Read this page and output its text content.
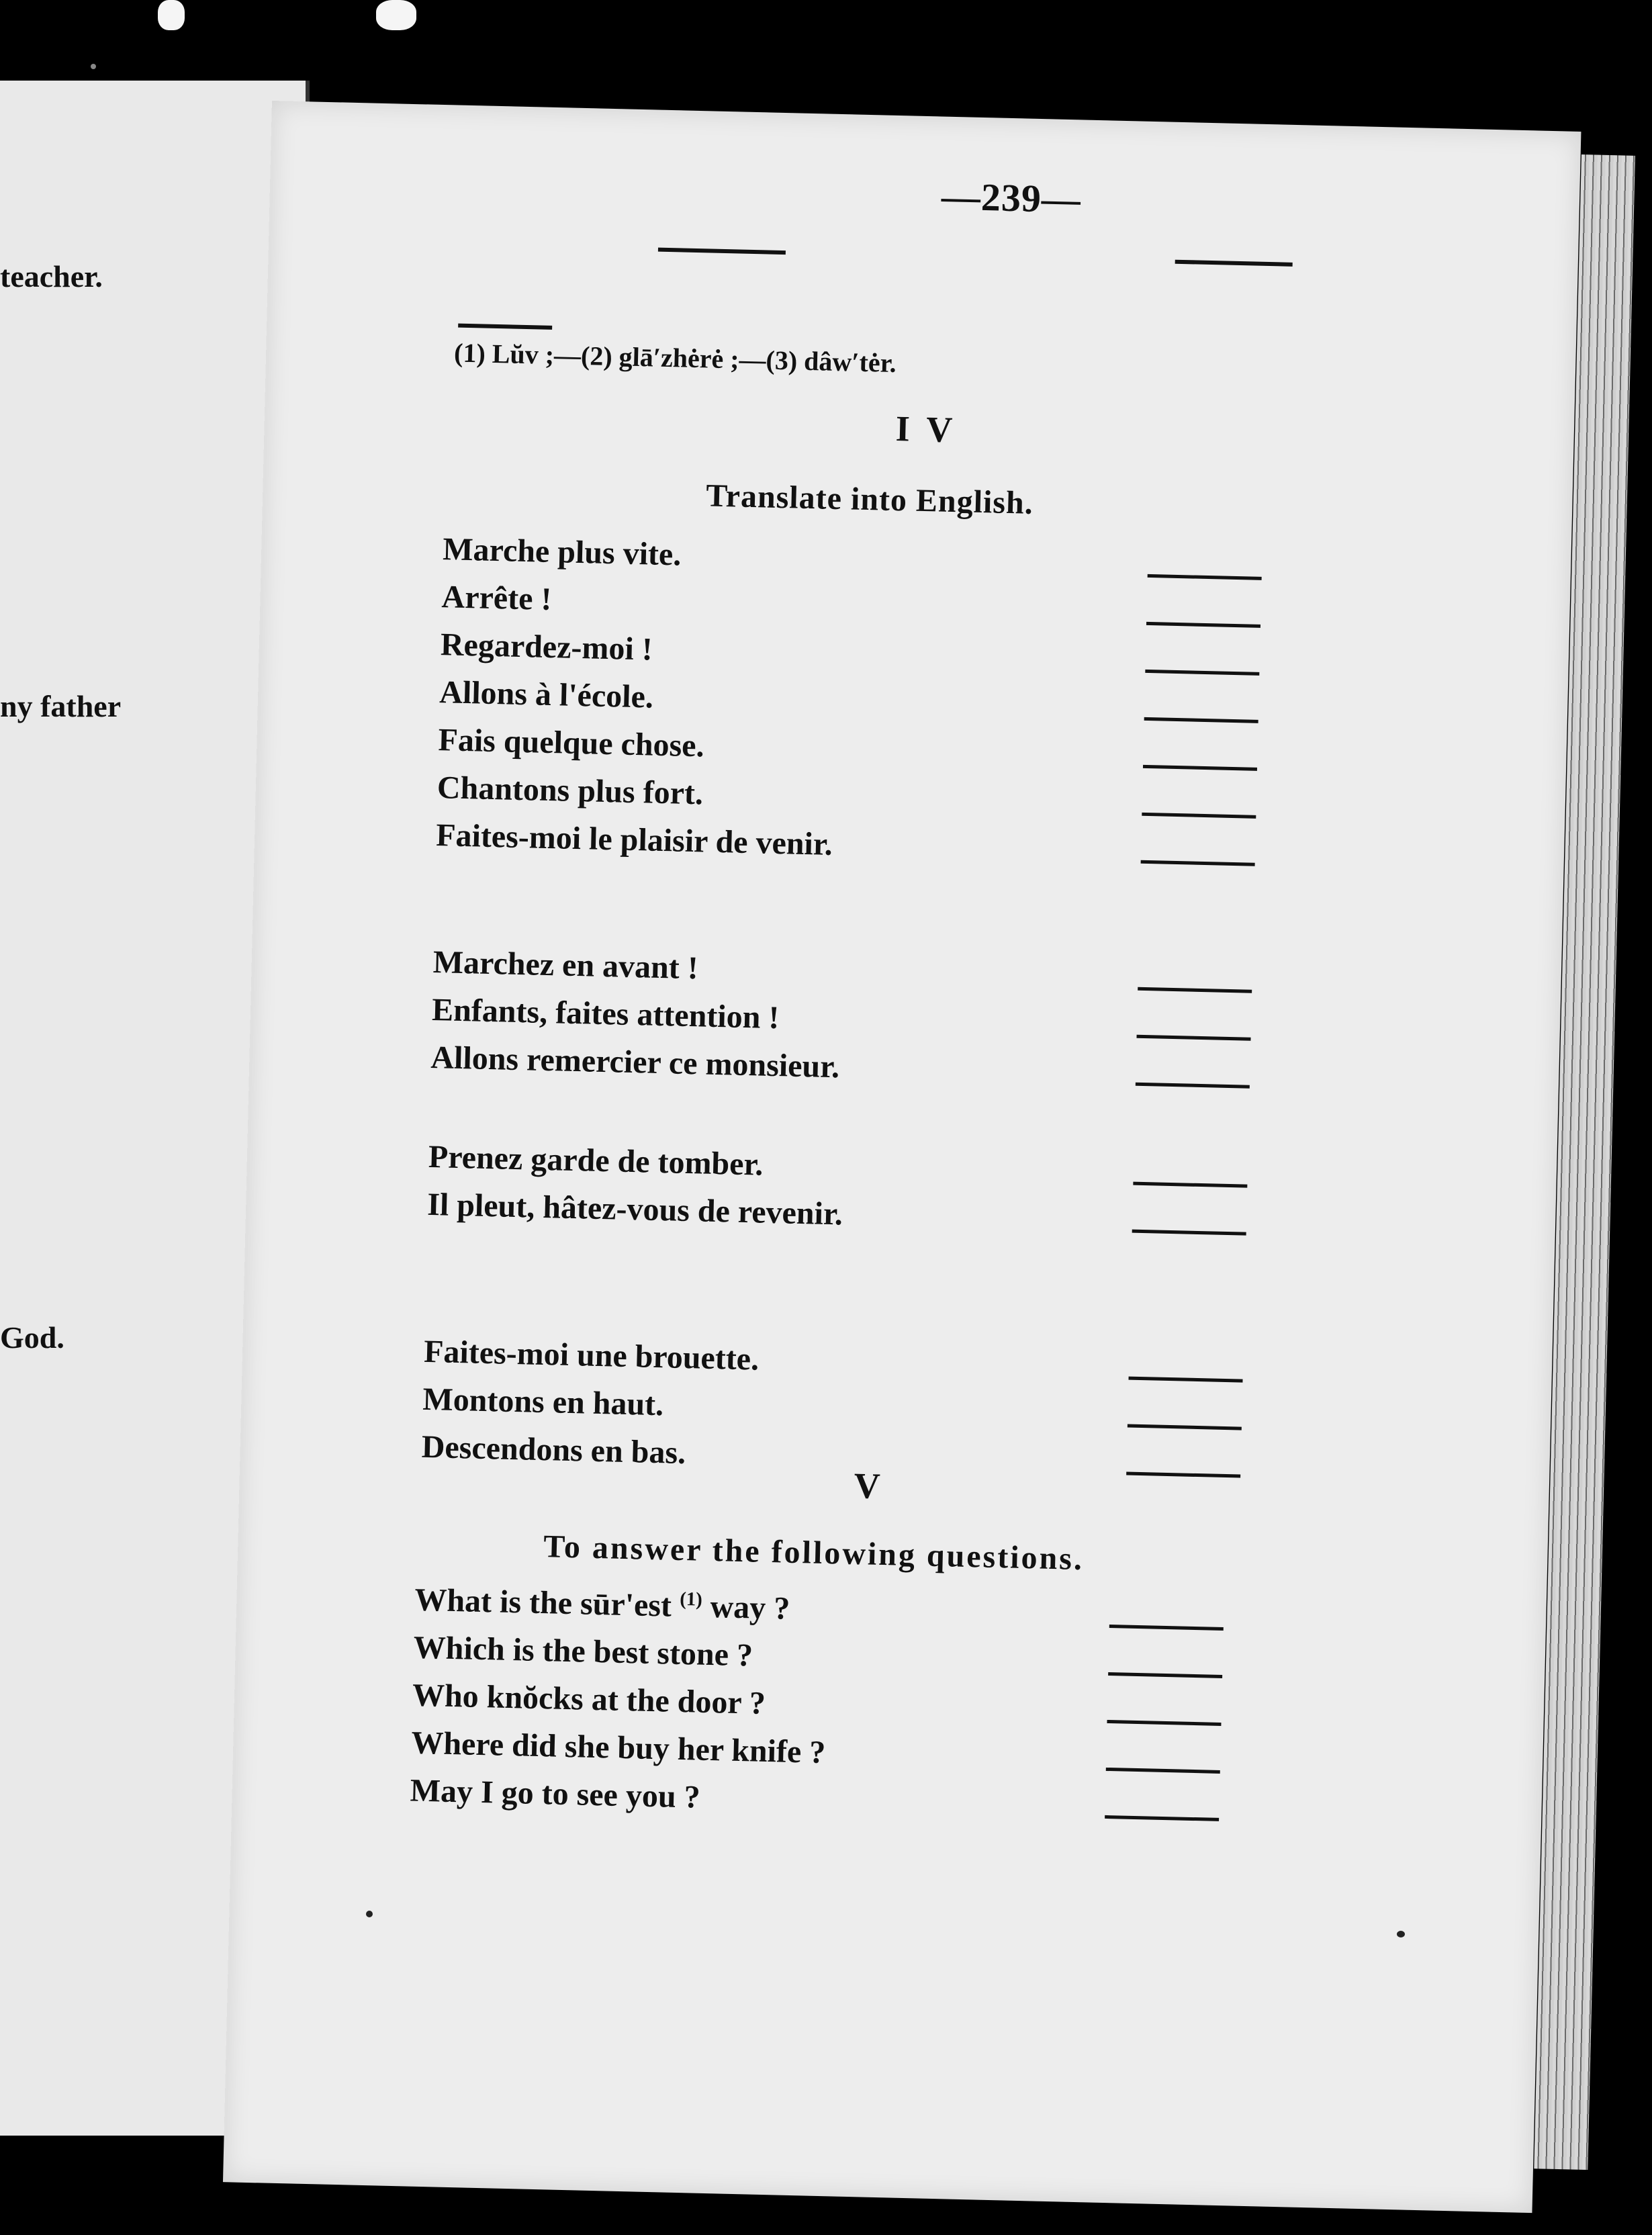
teacher.
ny father
God.
—239—
(1) Lŭv ;—(2) glā′zhėrė ;—(3) dâw′tėr.
I V
Translate into English.
Marche plus vite.
Arrête !
Regardez-moi !
Allons à l'école.
Fais quelque chose.
Chantons plus fort.
Faites-moi le plaisir de venir.
Marchez en avant !
Enfants, faites attention !
Allons remercier ce monsieur.
Prenez garde de tomber.
Il pleut, hâtez-vous de revenir.
Faites-moi une brouette.
Montons en haut.
Descendons en bas.
V
To answer the following questions.
What is the sūr'est $^{(1)}$ way ?
Which is the best stone ?
Who knŏcks at the door ?
Where did she buy her knife ?
May I go to see you ?
